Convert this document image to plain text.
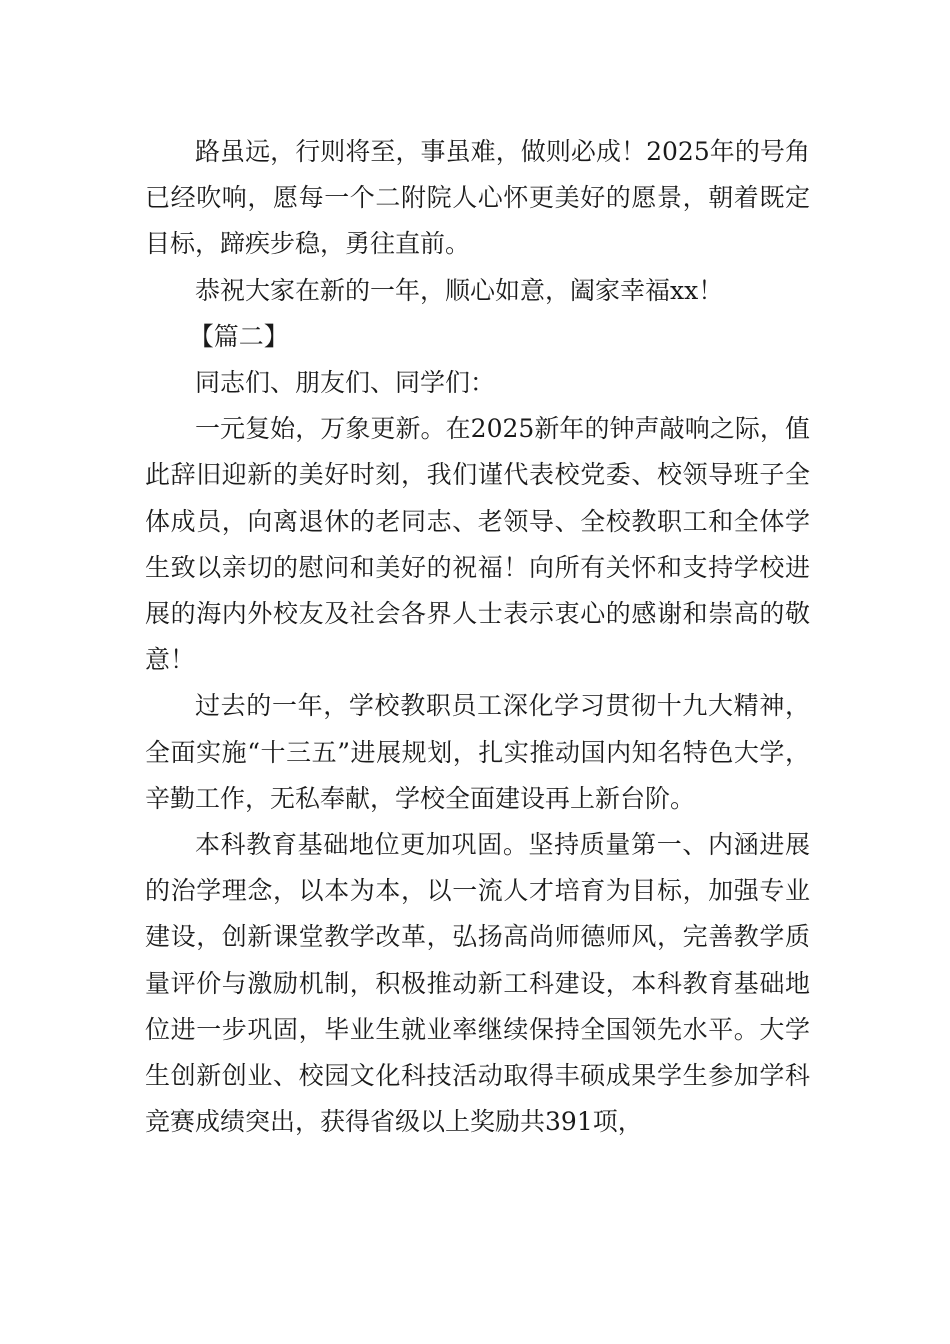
路虽远，行则将至，事虽难，做则必成！2025年的号角已经吹响，愿每一个二附院人心怀更美好的愿景，朝着既定目标，蹄疾步稳，勇往直前。

恭祝大家在新的一年，顺心如意，阖家幸福xx！

【篇二】

同志们、朋友们、同学们：

一元复始，万象更新。在2025新年的钟声敲响之际，值此辞旧迎新的美好时刻，我们谨代表校党委、校领导班子全体成员，向离退休的老同志、老领导、全校教职工和全体学生致以亲切的慰问和美好的祝福！向所有关怀和支持学校进展的海内外校友及社会各界人士表示衷心的感谢和崇高的敬意！

过去的一年，学校教职员工深化学习贯彻十九大精神，全面实施“十三五”进展规划，扎实推动国内知名特色大学，辛勤工作，无私奉献，学校全面建设再上新台阶。

本科教育基础地位更加巩固。坚持质量第一、内涵进展的治学理念，以本为本，以一流人才培育为目标，加强专业建设，创新课堂教学改革，弘扬高尚师德师风，完善教学质量评价与激励机制，积极推动新工科建设，本科教育基础地位进一步巩固，毕业生就业率继续保持全国领先水平。大学生创新创业、校园文化科技活动取得丰硕成果学生参加学科竞赛成绩突出，获得省级以上奖励共391项，
